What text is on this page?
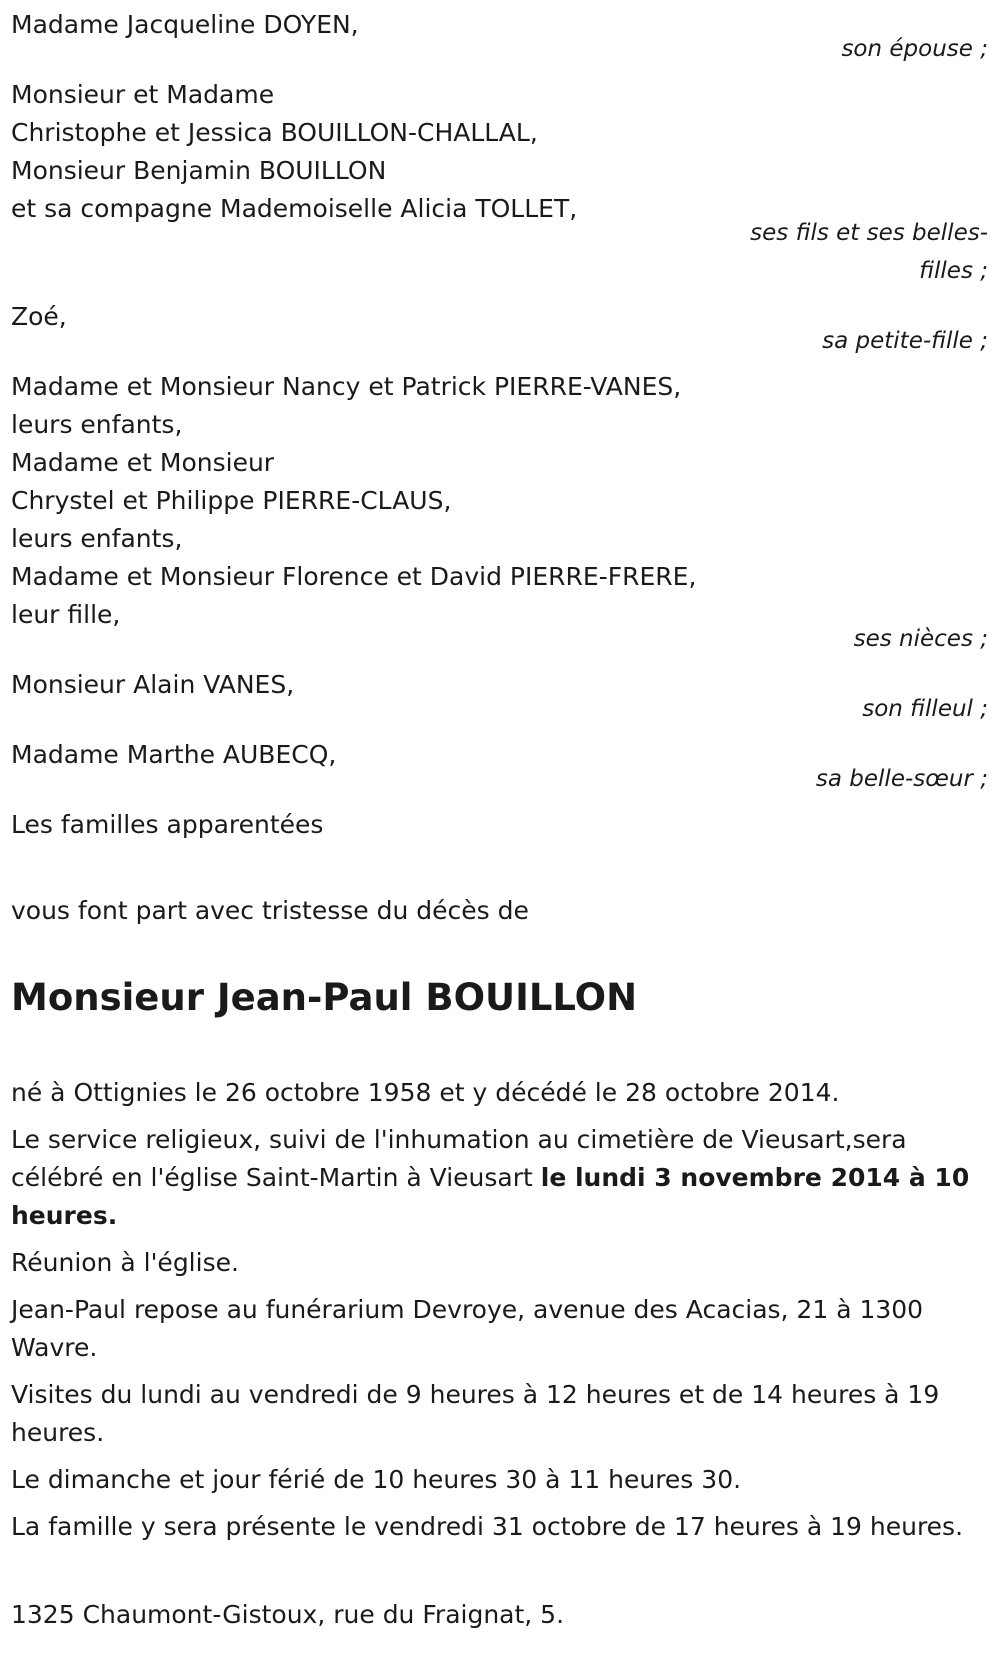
Madame Jacqueline DOYEN,
son épouse ;
Monsieur et Madame
Christophe et Jessica BOUILLON-CHALLAL,
Monsieur Benjamin BOUILLON
et sa compagne Mademoiselle Alicia TOLLET,
ses fils et ses belles-filles ;
Zoé,
sa petite-fille ;
Madame et Monsieur Nancy et Patrick PIERRE-VANES,
leurs enfants,
Madame et Monsieur
Chrystel et Philippe PIERRE-CLAUS,
leurs enfants,
Madame et Monsieur Florence et David PIERRE-FRERE,
leur fille,
ses nièces ;
Monsieur Alain VANES,
son filleul ;
Madame Marthe AUBECQ,
sa belle-sœur ;
Les familles apparentées
vous font part avec tristesse du décès de
Monsieur Jean-Paul BOUILLON

né à Ottignies le 26 octobre 1958 et y décédé le 28 octobre 2014.

Le service religieux, suivi de l'inhumation au cimetière de Vieusart,sera célébré en l'église Saint-Martin à Vieusart le lundi 3 novembre 2014 à 10 heures.

Réunion à l'église.

Jean-Paul repose au funérarium Devroye, avenue des Acacias, 21 à 1300 Wavre.

Visites du lundi au vendredi de 9 heures à 12 heures et de 14 heures à 19 heures.

Le dimanche et jour férié de 10 heures 30 à 11 heures 30.

La famille y sera présente le vendredi 31 octobre de 17 heures à 19 heures.

1325 Chaumont-Gistoux, rue du Fraignat, 5.
